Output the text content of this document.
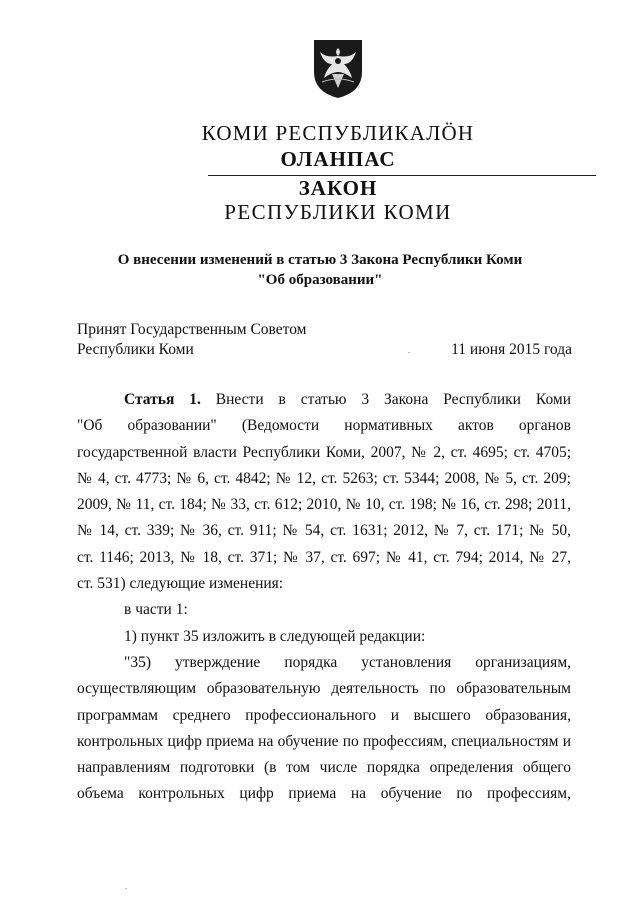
КОМИ РЕСПУБЛИКАЛӦН
ОЛАНПАС
ЗАКОН
РЕСПУБЛИКИ КОМИ
О внесении изменений в статью 3 Закона Республики Коми
"Об образовании"
Принят Государственным Советом
Республики Коми	11 июня 2015 года
Статья 1. Внести в статью 3 Закона Республики Коми
"Об образовании" (Ведомости нормативных актов органов
государственной власти Республики Коми, 2007, № 2, ст. 4695; ст. 4705;
№ 4, ст. 4773; № 6, ст. 4842; № 12, ст. 5263; ст. 5344; 2008, № 5, ст. 209;
2009, № 11, ст. 184; № 33, ст. 612; 2010, № 10, ст. 198; № 16, ст. 298; 2011,
№ 14, ст. 339; № 36, ст. 911; № 54, ст. 1631; 2012, № 7, ст. 171; № 50,
ст. 1146; 2013, № 18, ст. 371; № 37, ст. 697; № 41, ст. 794; 2014, № 27,
ст. 531) следующие изменения:
в части 1:
1) пункт 35 изложить в следующей редакции:
"35) утверждение порядка установления организациям,
осуществляющим образовательную деятельность по образовательным
программам среднего профессионального и высшего образования,
контрольных цифр приема на обучение по профессиям, специальностям и
направлениям подготовки (в том числе порядка определения общего
объема контрольных цифр приема на обучение по профессиям,
